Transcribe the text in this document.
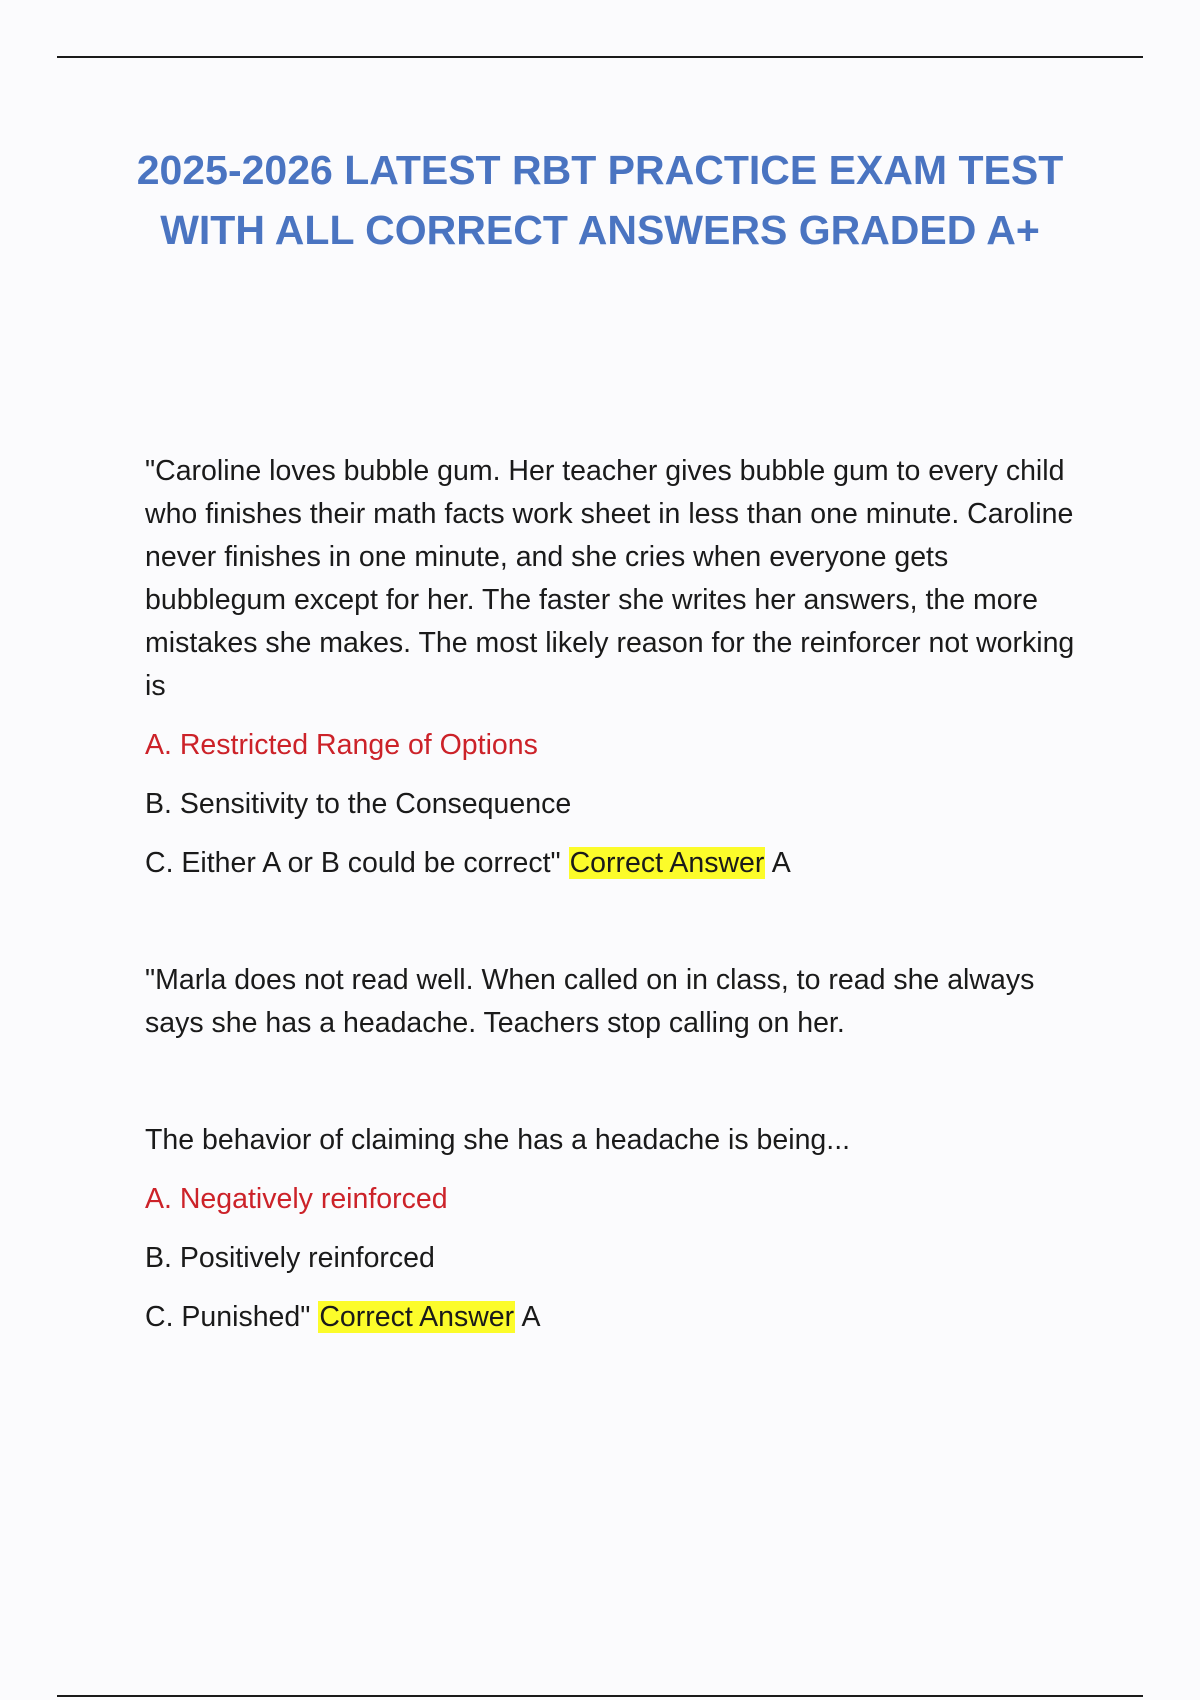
2025-2026 LATEST RBT PRACTICE EXAM TEST WITH ALL CORRECT ANSWERS GRADED A+

"Caroline loves bubble gum. Her teacher gives bubble gum to every child who finishes their math facts work sheet in less than one minute. Caroline never finishes in one minute, and she cries when everyone gets bubblegum except for her. The faster she writes her answers, the more mistakes she makes. The most likely reason for the reinforcer not working is

A. Restricted Range of Options

B. Sensitivity to the Consequence

C. Either A or B could be correct" Correct Answer A

"Marla does not read well. When called on in class, to read she always says she has a headache. Teachers stop calling on her.

The behavior of claiming she has a headache is being...

A. Negatively reinforced

B. Positively reinforced

C. Punished" Correct Answer A
